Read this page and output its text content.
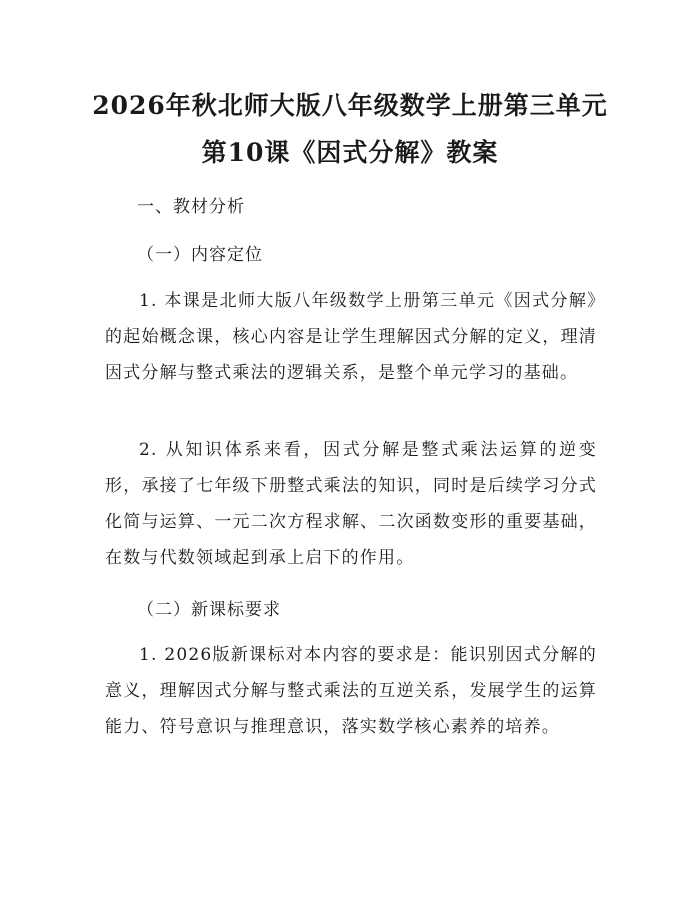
2026年秋北师大版八年级数学上册第三单元
第10课《因式分解》教案
一、教材分析
（一）内容定位
1. 本课是北师大版八年级数学上册第三单元《因式分解》的起始概念课，核心内容是让学生理解因式分解的定义，理清因式分解与整式乘法的逻辑关系，是整个单元学习的基础。
2. 从知识体系来看，因式分解是整式乘法运算的逆变形，承接了七年级下册整式乘法的知识，同时是后续学习分式化简与运算、一元二次方程求解、二次函数变形的重要基础，在数与代数领域起到承上启下的作用。
（二）新课标要求
1. 2026版新课标对本内容的要求是：能识别因式分解的意义，理解因式分解与整式乘法的互逆关系，发展学生的运算能力、符号意识与推理意识，落实数学核心素养的培养。
